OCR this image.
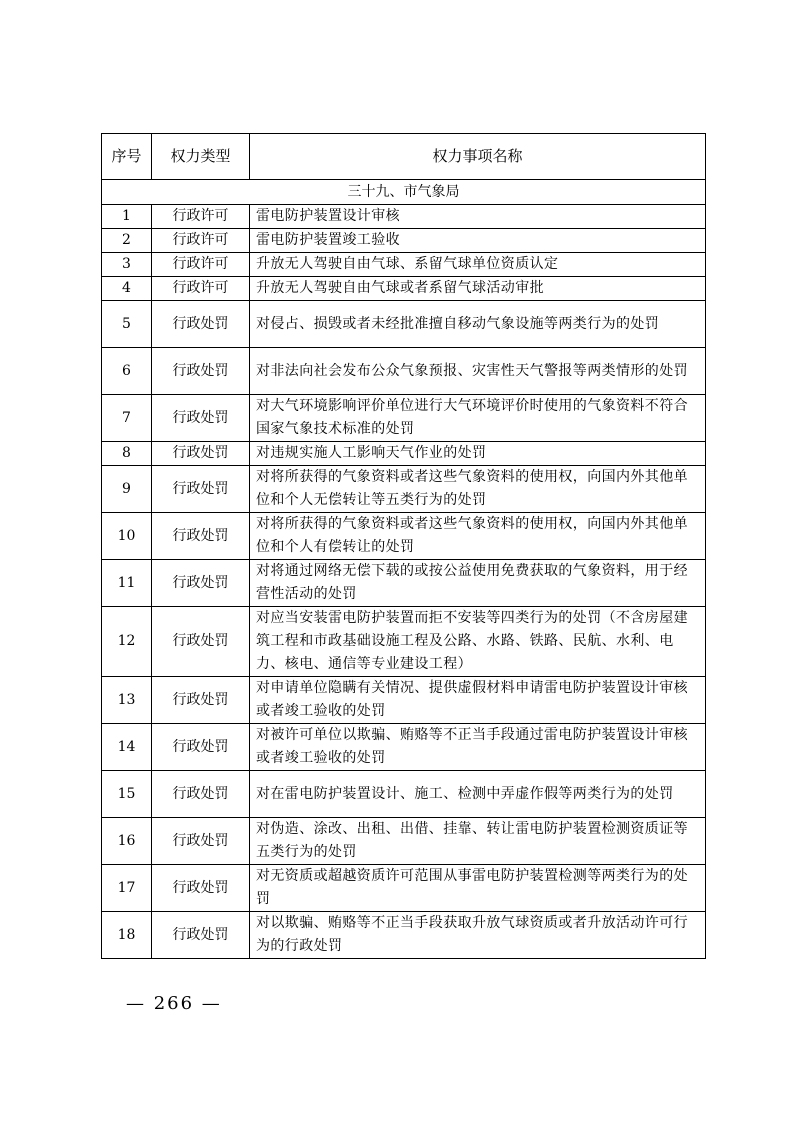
序号	权力类型	权力事项名称
三十九、市气象局		
1	行政许可	雷电防护装置设计审核
2	行政许可	雷电防护装置竣工验收
3	行政许可	升放无人驾驶自由气球、系留气球单位资质认定
4	行政许可	升放无人驾驶自由气球或者系留气球活动审批
5	行政处罚	对侵占、损毁或者未经批准擅自移动气象设施等两类行为的处罚
6	行政处罚	对非法向社会发布公众气象预报、灾害性天气警报等两类情形的处罚
7	行政处罚	对大气环境影响评价单位进行大气环境评价时使用的气象资料不符合国家气象技术标准的处罚
8	行政处罚	对违规实施人工影响天气作业的处罚
9	行政处罚	对将所获得的气象资料或者这些气象资料的使用权，向国内外其他单位和个人无偿转让等五类行为的处罚
10	行政处罚	对将所获得的气象资料或者这些气象资料的使用权，向国内外其他单位和个人有偿转让的处罚
11	行政处罚	对将通过网络无偿下载的或按公益使用免费获取的气象资料，用于经营性活动的处罚
12	行政处罚	对应当安装雷电防护装置而拒不安装等四类行为的处罚（不含房屋建筑工程和市政基础设施工程及公路、水路、铁路、民航、水利、电力、核电、通信等专业建设工程）
13	行政处罚	对申请单位隐瞒有关情况、提供虚假材料申请雷电防护装置设计审核或者竣工验收的处罚
14	行政处罚	对被许可单位以欺骗、贿赂等不正当手段通过雷电防护装置设计审核或者竣工验收的处罚
15	行政处罚	对在雷电防护装置设计、施工、检测中弄虚作假等两类行为的处罚
16	行政处罚	对伪造、涂改、出租、出借、挂靠、转让雷电防护装置检测资质证等五类行为的处罚
17	行政处罚	对无资质或超越资质许可范围从事雷电防护装置检测等两类行为的处罚
18	行政处罚	对以欺骗、贿赂等不正当手段获取升放气球资质或者升放活动许可行为的行政处罚
— 266 —
